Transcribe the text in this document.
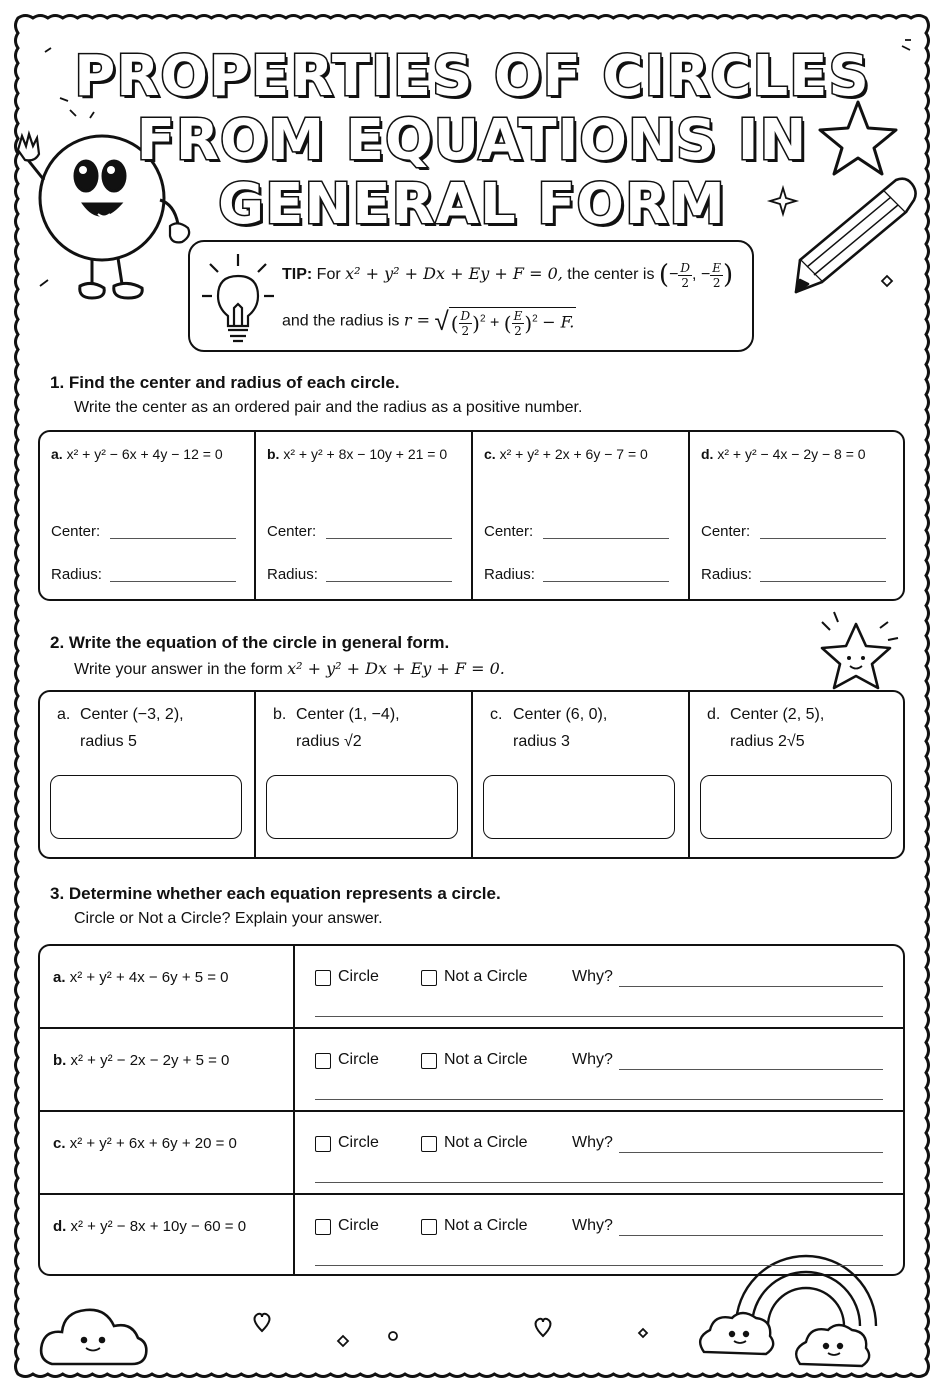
PROPERTIES OF CIRCLES
FROM EQUATIONS IN
GENERAL FORM
TIP: For x² + y² + Dx + Ey + F = 0, the center is (− $\frac{D}{2}$ , − $\frac{E}{2}$ )
and the radius is r = √ ( $\frac{D}{2} )^2$ + ( $\frac{E}{2} )^2 - F$.
1. Find the center and radius of each circle.
Write the center as an ordered pair and the radius as a positive number.
2. Write the equation of the circle in general form.
Write your answer in the form x² + y² + Dx + Ey + F = 0.
3. Determine whether each equation represents a circle.
Circle or Not a Circle? Explain your answer.
a. x² + y² − 6x + 4y − 12 = 0
Center:
Radius:
b. x² + y² + 8x − 10y + 21 = 0
Center:
Radius:
c. x² + y² + 2x + 6y − 7 = 0
Center:
Radius:
d. x² + y² − 4x − 2y − 8 = 0
Center:
Radius:
a. Center (−3, 2),
radius 5
b. Center (1, −4),
radius √2
c. Center (6, 0),
radius 3
d. Center (2, 5),
radius 2√5
a. x² + y² + 4x − 6y + 5 = 0	Circle	Not a Circle	Why?
b. x² + y² − 2x − 2y + 5 = 0	Circle	Not a Circle	Why?
c. x² + y² + 6x + 6y + 20 = 0	Circle	Not a Circle	Why?
d. x² + y² − 8x + 10y − 60 = 0	Circle	Not a Circle	Why?
